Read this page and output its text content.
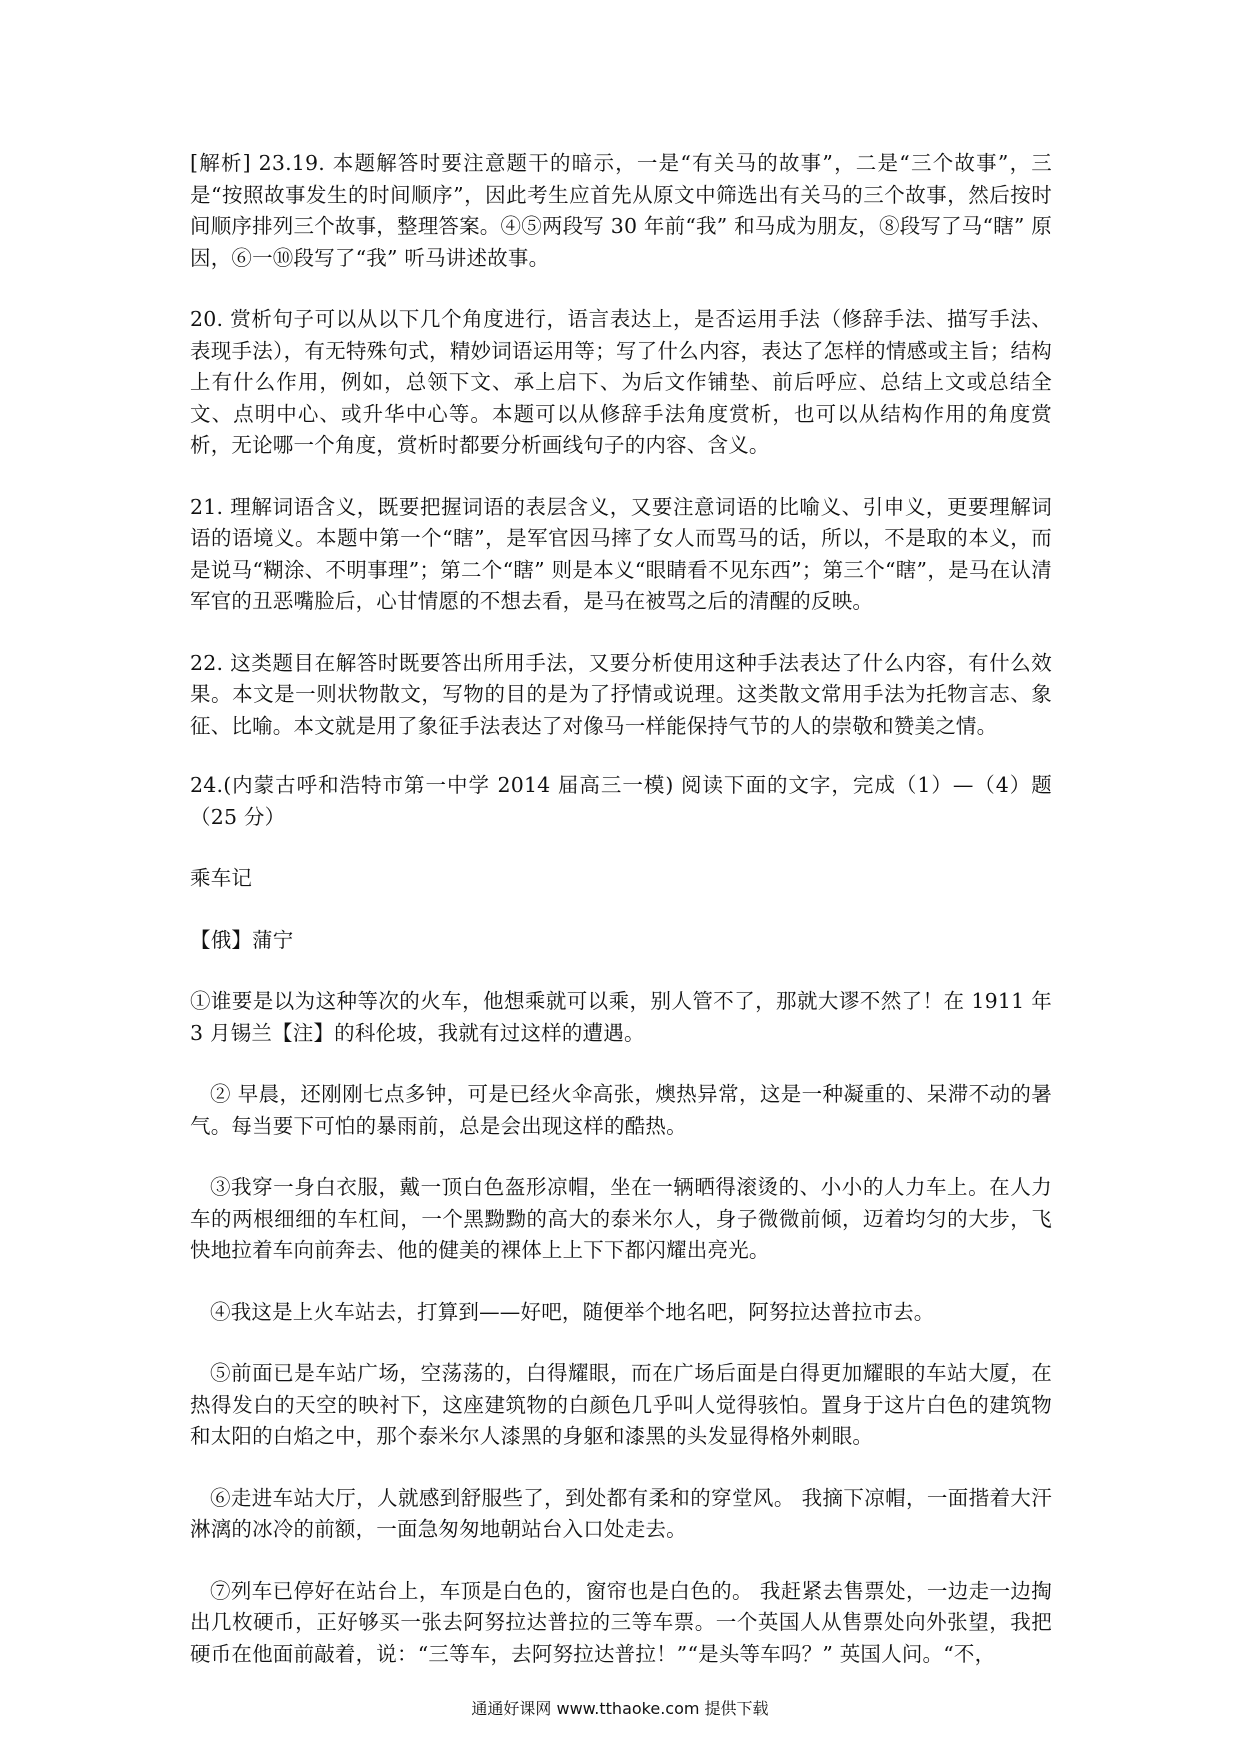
[解析] 23.19. 本题解答时要注意题干的暗示，一是“有关马的故事”，二是“三个故事”，三是“按照故事发生的时间顺序”，因此考生应首先从原文中筛选出有关马的三个故事，然后按时间顺序排列三个故事，整理答案。④⑤两段写 30 年前“我” 和马成为朋友，⑧段写了马“瞎” 原因，⑥一⑩段写了“我” 听马讲述故事。

20. 赏析句子可以从以下几个角度进行，语言表达上，是否运用手法（修辞手法、描写手法、表现手法），有无特殊句式，精妙词语运用等；写了什么内容，表达了怎样的情感或主旨；结构上有什么作用，例如，总领下文、承上启下、为后文作铺垫、前后呼应、总结上文或总结全文、点明中心、或升华中心等。本题可以从修辞手法角度赏析，也可以从结构作用的角度赏析，无论哪一个角度，赏析时都要分析画线句子的内容、含义。

21. 理解词语含义，既要把握词语的表层含义，又要注意词语的比喻义、引申义，更要理解词语的语境义。本题中第一个“瞎”，是军官因马摔了女人而骂马的话，所以，不是取的本义，而是说马“糊涂、不明事理”；第二个“瞎” 则是本义“眼睛看不见东西”；第三个“瞎”，是马在认清军官的丑恶嘴脸后，心甘情愿的不想去看，是马在被骂之后的清醒的反映。

22. 这类题目在解答时既要答出所用手法，又要分析使用这种手法表达了什么内容，有什么效果。本文是一则状物散文，写物的目的是为了抒情或说理。这类散文常用手法为托物言志、象征、比喻。本文就是用了象征手法表达了对像马一样能保持气节的人的崇敬和赞美之情。

24.(内蒙古呼和浩特市第一中学 2014 届高三一模) 阅读下面的文字，完成（1）—（4）题（25 分）

乘车记

【俄】蒲宁

①谁要是以为这种等次的火车，他想乘就可以乘，别人管不了，那就大谬不然了！在 1911 年 3 月锡兰【注】的科伦坡，我就有过这样的遭遇。

② 早晨，还刚刚七点多钟，可是已经火伞高张，燠热异常，这是一种凝重的、呆滞不动的暑气。每当要下可怕的暴雨前，总是会出现这样的酷热。

③我穿一身白衣服，戴一顶白色盔形凉帽，坐在一辆晒得滚烫的、小小的人力车上。在人力车的两根细细的车杠间，一个黑黝黝的高大的泰米尔人，身子微微前倾，迈着均匀的大步，飞快地拉着车向前奔去、他的健美的裸体上上下下都闪耀出亮光。

④我这是上火车站去，打算到——好吧，随便举个地名吧，阿努拉达普拉市去。

⑤前面已是车站广场，空荡荡的，白得耀眼，而在广场后面是白得更加耀眼的车站大厦，在热得发白的天空的映衬下，这座建筑物的白颜色几乎叫人觉得骇怕。置身于这片白色的建筑物和太阳的白焰之中，那个泰米尔人漆黑的身躯和漆黑的头发显得格外刺眼。

⑥走进车站大厅，人就感到舒服些了，到处都有柔和的穿堂风。 我摘下凉帽，一面揩着大汗淋漓的冰冷的前额，一面急匆匆地朝站台入口处走去。

⑦列车已停好在站台上，车顶是白色的，窗帘也是白色的。 我赶紧去售票处，一边走一边掏出几枚硬币，正好够买一张去阿努拉达普拉的三等车票。一个英国人从售票处向外张望，我把硬币在他面前敲着，说：“三等车，去阿努拉达普拉！”“是头等车吗？” 英国人问。“不，

通通好课网 www.tthaoke.com 提供下载
